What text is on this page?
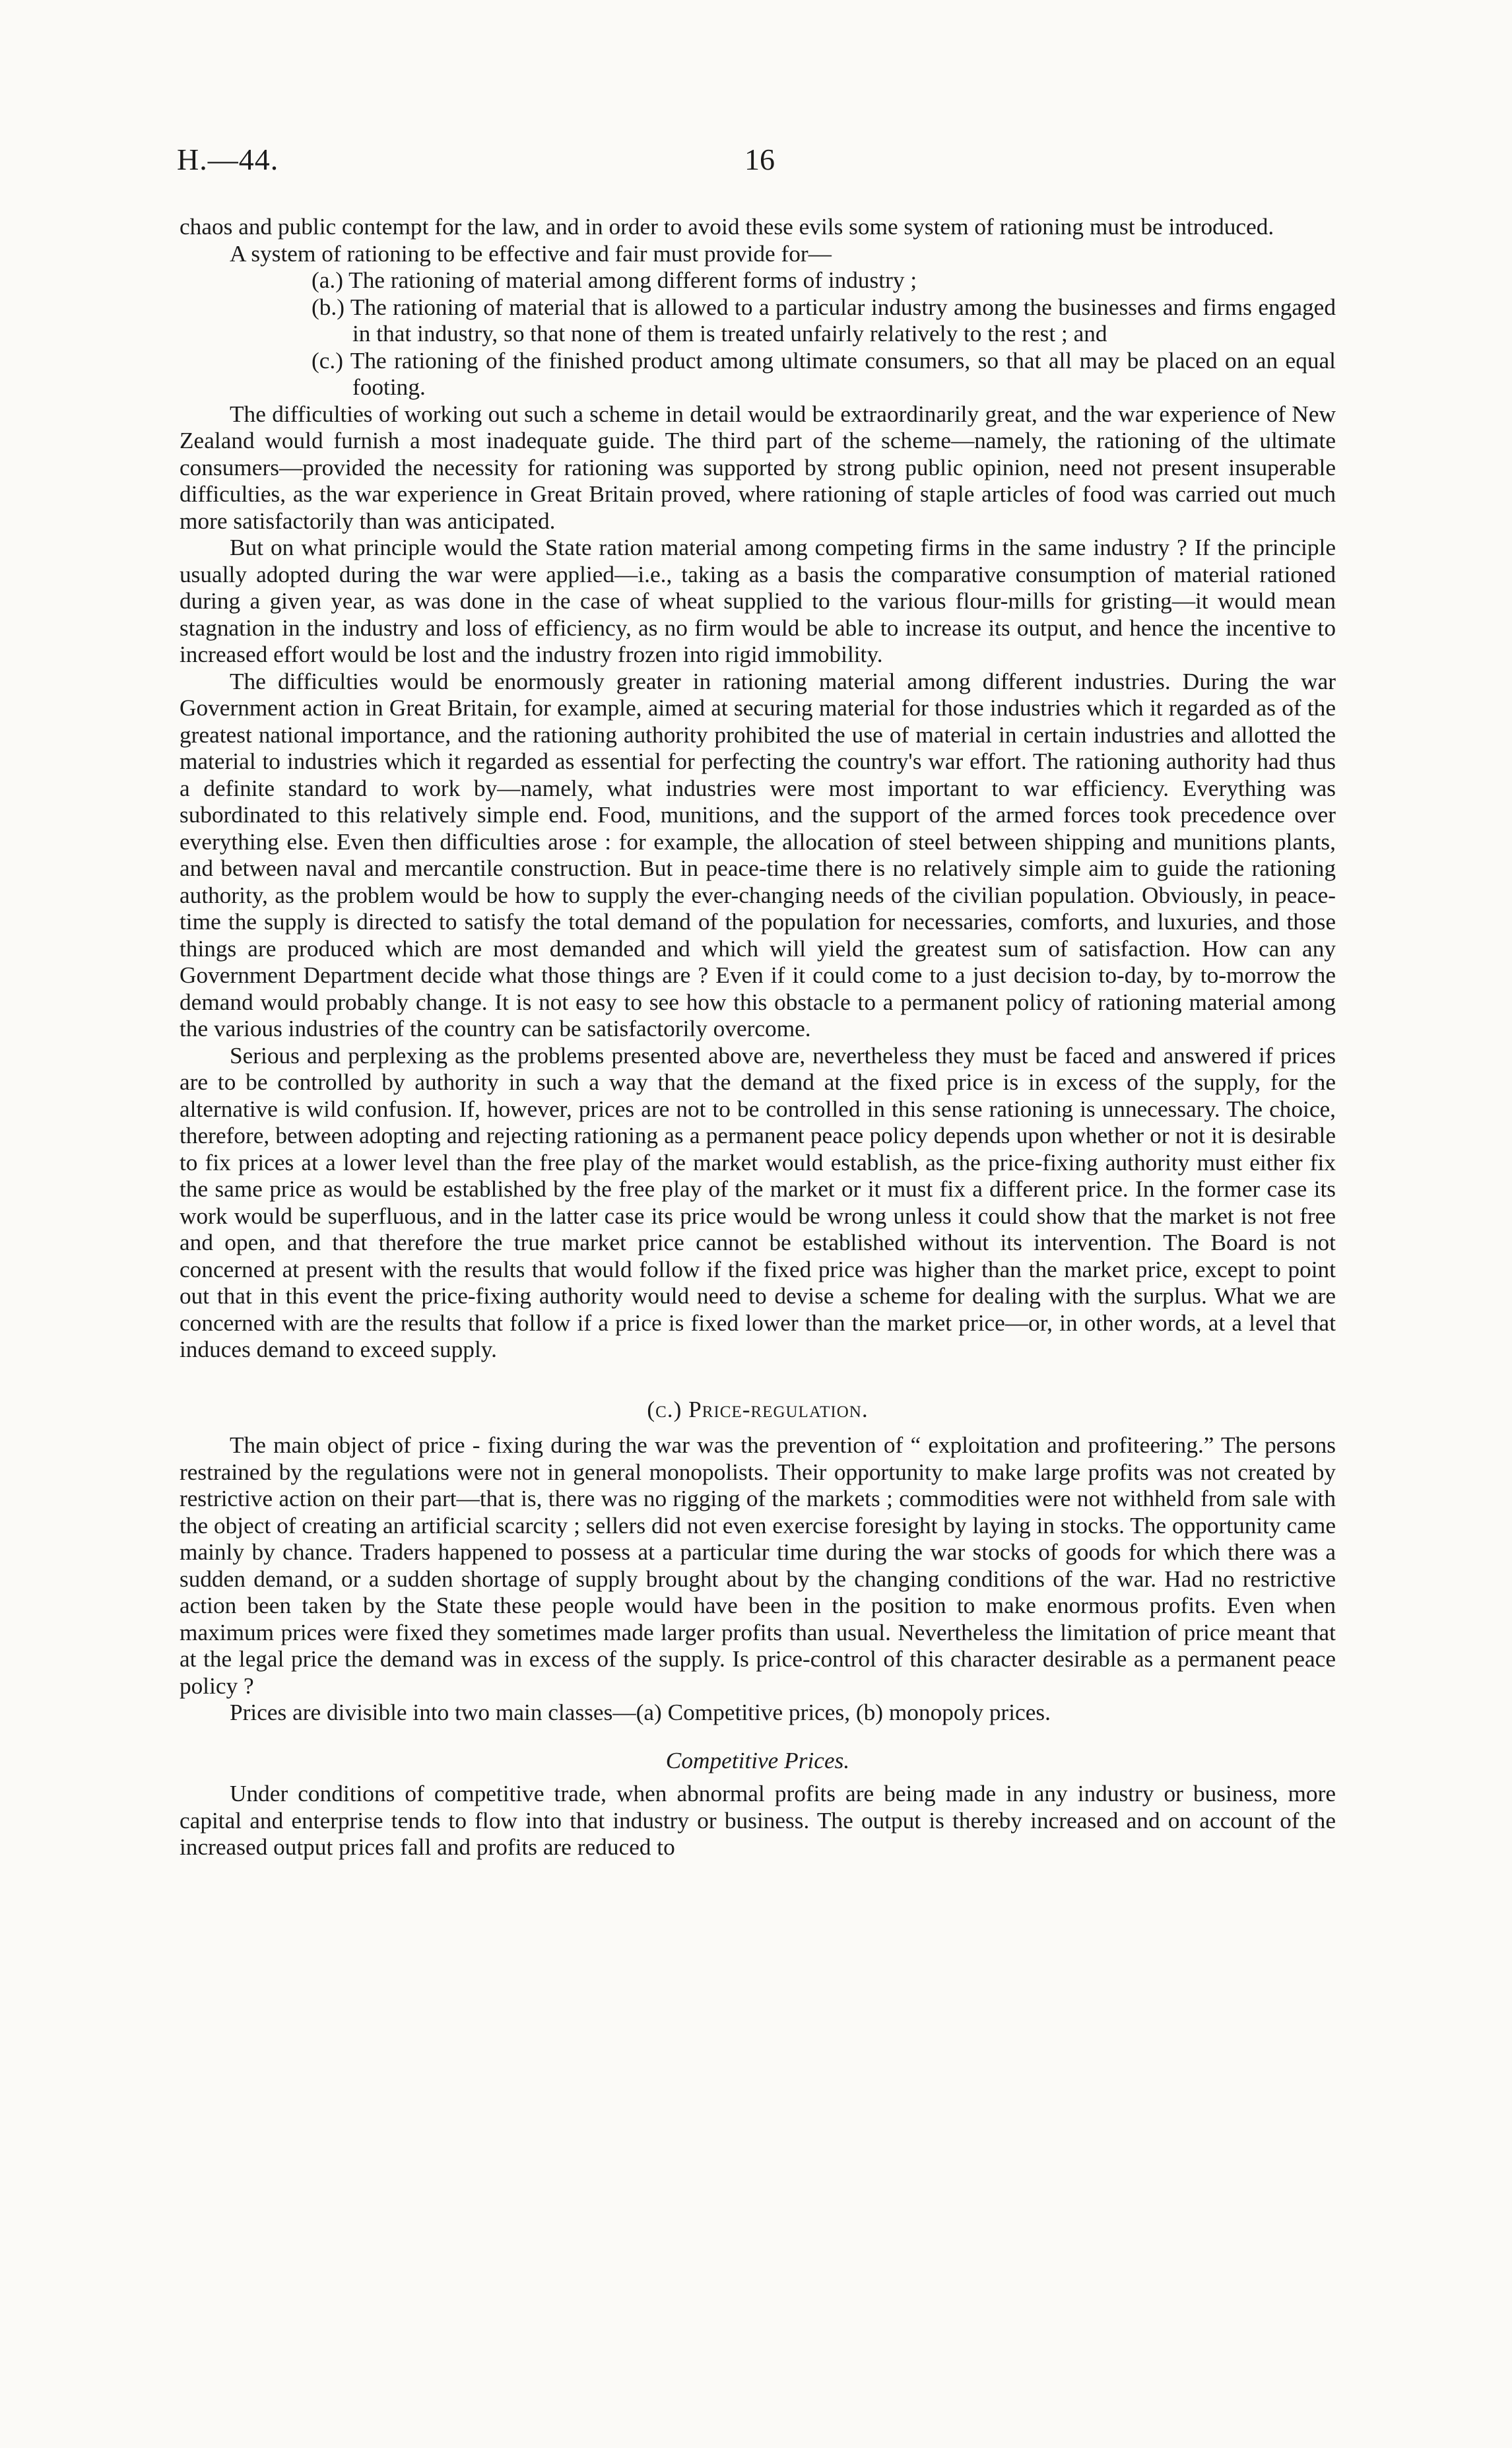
H.—44.	16

chaos and public contempt for the law, and in order to avoid these evils some system of rationing must be introduced.

A system of rationing to be effective and fair must provide for—

(a.) The rationing of material among different forms of industry ;
(b.) The rationing of material that is allowed to a particular industry among the businesses and firms engaged in that industry, so that none of them is treated unfairly relatively to the rest ; and
(c.) The rationing of the finished product among ultimate consumers, so that all may be placed on an equal footing.

The difficulties of working out such a scheme in detail would be extraordinarily great, and the war experience of New Zealand would furnish a most inadequate guide. The third part of the scheme—namely, the rationing of the ultimate consumers—provided the necessity for rationing was supported by strong public opinion, need not present insuperable difficulties, as the war experience in Great Britain proved, where rationing of staple articles of food was carried out much more satisfactorily than was anticipated.

But on what principle would the State ration material among competing firms in the same industry ? If the principle usually adopted during the war were applied—i.e., taking as a basis the comparative consumption of material rationed during a given year, as was done in the case of wheat supplied to the various flour-mills for gristing—it would mean stagnation in the industry and loss of efficiency, as no firm would be able to increase its output, and hence the incentive to increased effort would be lost and the industry frozen into rigid immobility.

The difficulties would be enormously greater in rationing material among different industries. During the war Government action in Great Britain, for example, aimed at securing material for those industries which it regarded as of the greatest national importance, and the rationing authority prohibited the use of material in certain industries and allotted the material to industries which it regarded as essential for perfecting the country's war effort. The rationing authority had thus a definite standard to work by—namely, what industries were most important to war efficiency. Everything was subordinated to this relatively simple end. Food, munitions, and the support of the armed forces took precedence over everything else. Even then difficulties arose : for example, the allocation of steel between shipping and munitions plants, and between naval and mercantile construction. But in peace-time there is no relatively simple aim to guide the rationing authority, as the problem would be how to supply the ever-changing needs of the civilian population. Obviously, in peace-time the supply is directed to satisfy the total demand of the population for necessaries, comforts, and luxuries, and those things are produced which are most demanded and which will yield the greatest sum of satisfaction. How can any Government Department decide what those things are ? Even if it could come to a just decision to-day, by to-morrow the demand would probably change. It is not easy to see how this obstacle to a permanent policy of rationing material among the various industries of the country can be satisfactorily overcome.

Serious and perplexing as the problems presented above are, nevertheless they must be faced and answered if prices are to be controlled by authority in such a way that the demand at the fixed price is in excess of the supply, for the alternative is wild confusion. If, however, prices are not to be controlled in this sense rationing is unnecessary. The choice, therefore, between adopting and rejecting rationing as a permanent peace policy depends upon whether or not it is desirable to fix prices at a lower level than the free play of the market would establish, as the price-fixing authority must either fix the same price as would be established by the free play of the market or it must fix a different price. In the former case its work would be superfluous, and in the latter case its price would be wrong unless it could show that the market is not free and open, and that therefore the true market price cannot be established without its intervention. The Board is not concerned at present with the results that would follow if the fixed price was higher than the market price, except to point out that in this event the price-fixing authority would need to devise a scheme for dealing with the surplus. What we are concerned with are the results that follow if a price is fixed lower than the market price—or, in other words, at a level that induces demand to exceed supply.

(c.) Price-regulation.

The main object of price - fixing during the war was the prevention of “ exploitation and profiteering.” The persons restrained by the regulations were not in general monopolists. Their opportunity to make large profits was not created by restrictive action on their part—that is, there was no rigging of the markets ; commodities were not withheld from sale with the object of creating an artificial scarcity ; sellers did not even exercise foresight by laying in stocks. The opportunity came mainly by chance. Traders happened to possess at a particular time during the war stocks of goods for which there was a sudden demand, or a sudden shortage of supply brought about by the changing conditions of the war. Had no restrictive action been taken by the State these people would have been in the position to make enormous profits. Even when maximum prices were fixed they sometimes made larger profits than usual. Nevertheless the limitation of price meant that at the legal price the demand was in excess of the supply. Is price-control of this character desirable as a permanent peace policy ?

Prices are divisible into two main classes—(a) Competitive prices, (b) monopoly prices.

Competitive Prices.

Under conditions of competitive trade, when abnormal profits are being made in any industry or business, more capital and enterprise tends to flow into that industry or business. The output is thereby increased and on account of the increased output prices fall and profits are reduced to
